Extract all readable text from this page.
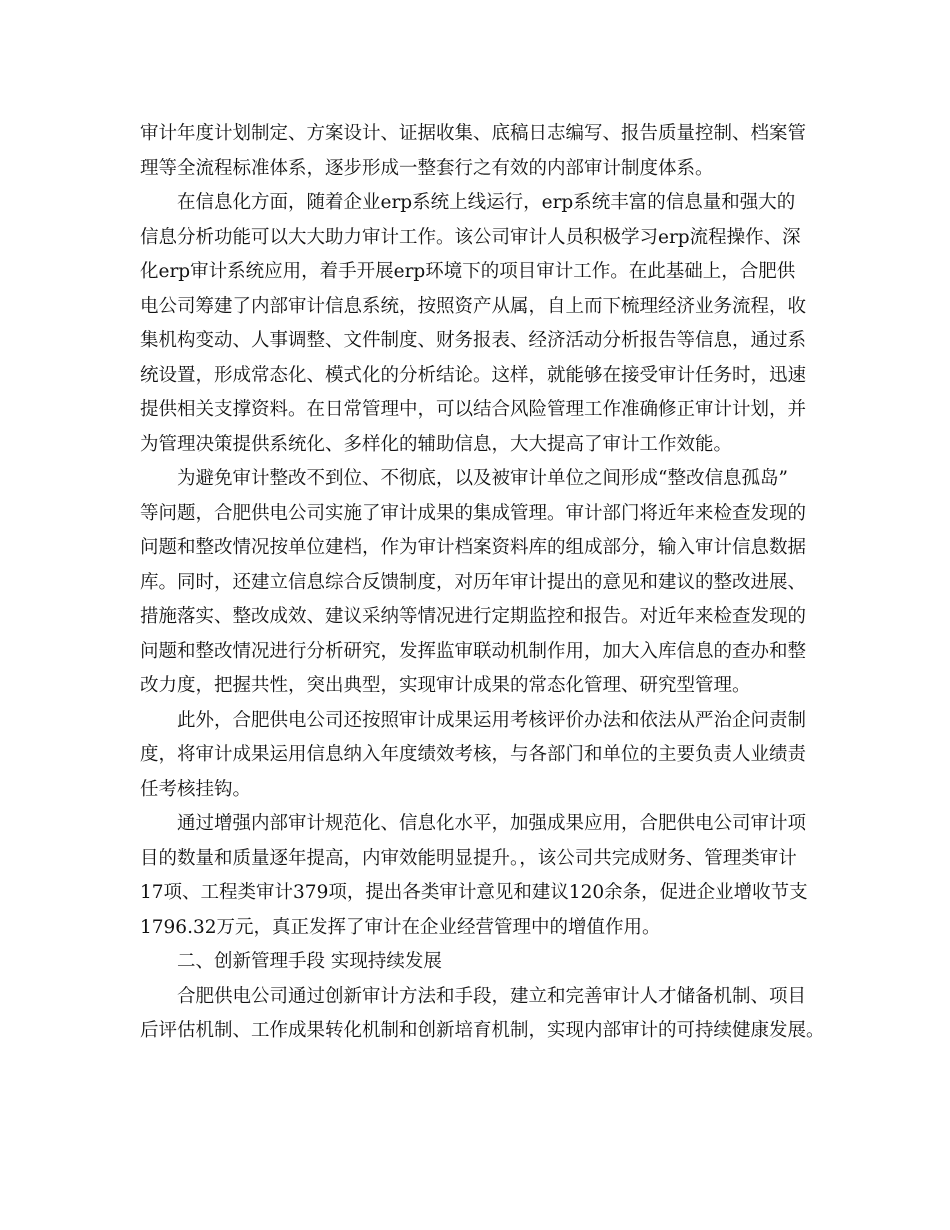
审计年度计划制定、方案设计、证据收集、底稿日志编写、报告质量控制、档案管
理等全流程标准体系，逐步形成一整套行之有效的内部审计制度体系。
在信息化方面，随着企业erp系统上线运行，erp系统丰富的信息量和强大的
信息分析功能可以大大助力审计工作。该公司审计人员积极学习erp流程操作、深
化erp审计系统应用，着手开展erp环境下的项目审计工作。在此基础上，合肥供
电公司筹建了内部审计信息系统，按照资产从属，自上而下梳理经济业务流程，收
集机构变动、人事调整、文件制度、财务报表、经济活动分析报告等信息，通过系
统设置，形成常态化、模式化的分析结论。这样，就能够在接受审计任务时，迅速
提供相关支撑资料。在日常管理中，可以结合风险管理工作准确修正审计计划，并
为管理决策提供系统化、多样化的辅助信息，大大提高了审计工作效能。
为避免审计整改不到位、不彻底，以及被审计单位之间形成“整改信息孤岛”
等问题，合肥供电公司实施了审计成果的集成管理。审计部门将近年来检查发现的
问题和整改情况按单位建档，作为审计档案资料库的组成部分，输入审计信息数据
库。同时，还建立信息综合反馈制度，对历年审计提出的意见和建议的整改进展、
措施落实、整改成效、建议采纳等情况进行定期监控和报告。对近年来检查发现的
问题和整改情况进行分析研究，发挥监审联动机制作用，加大入库信息的查办和整
改力度，把握共性，突出典型，实现审计成果的常态化管理、研究型管理。
此外，合肥供电公司还按照审计成果运用考核评价办法和依法从严治企问责制
度，将审计成果运用信息纳入年度绩效考核，与各部门和单位的主要负责人业绩责
任考核挂钩。
通过增强内部审计规范化、信息化水平，加强成果应用，合肥供电公司审计项
目的数量和质量逐年提高，内审效能明显提升。，该公司共完成财务、管理类审计
17项、工程类审计379项，提出各类审计意见和建议120余条，促进企业增收节支
1796.32万元，真正发挥了审计在企业经营管理中的增值作用。
二、创新管理手段 实现持续发展
合肥供电公司通过创新审计方法和手段，建立和完善审计人才储备机制、项目
后评估机制、工作成果转化机制和创新培育机制，实现内部审计的可持续健康发展。
